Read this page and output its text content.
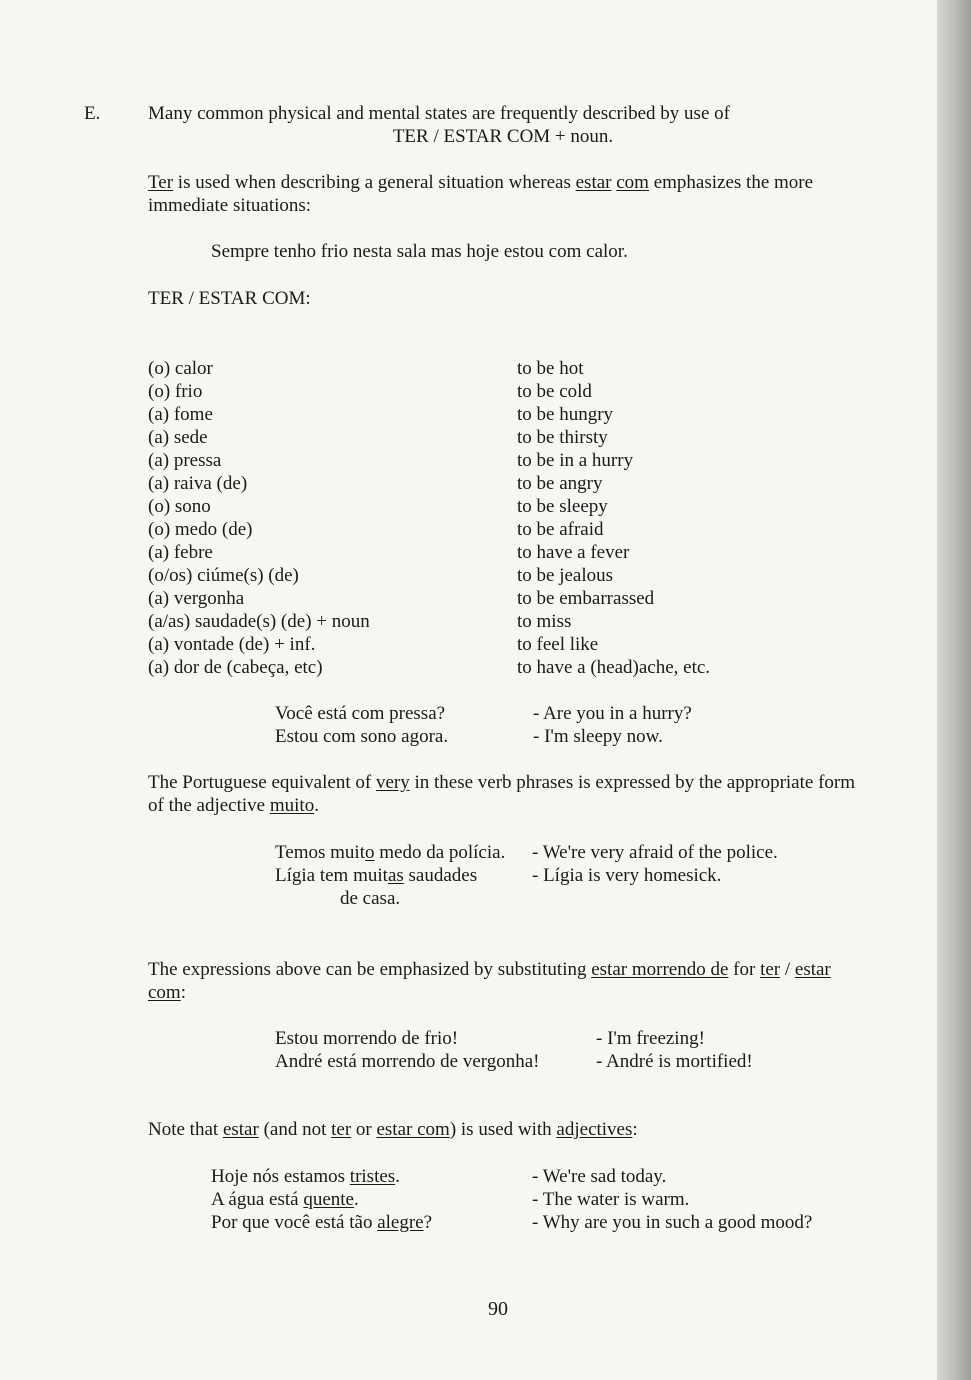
E.	Many common physical and mental states are frequently described by use of
TER / ESTAR COM + noun.
Ter is used when describing a general situation whereas estar com emphasizes the more
immediate situations:
Sempre tenho frio nesta sala mas hoje estou com calor.
TER / ESTAR COM:
(o) calor	to be hot
(o) frio	to be cold
(a) fome	to be hungry
(a) sede	to be thirsty
(a) pressa	to be in a hurry
(a) raiva (de)	to be angry
(o) sono	to be sleepy
(o) medo (de)	to be afraid
(a) febre	to have a fever
(o/os) ciúme(s) (de)	to be jealous
(a) vergonha	to be embarrassed
(a/as) saudade(s) (de) + noun	to miss
(a) vontade (de) + inf.	to feel like
(a) dor de (cabeça, etc)	to have a (head)ache, etc.
Você está com pressa?	- Are you in a hurry?
Estou com sono agora.	- I'm sleepy now.
The Portuguese equivalent of very in these verb phrases is expressed by the appropriate form
of the adjective muito.
Temos muito medo da polícia. - We're very afraid of the police.
Lígia tem muitas saudades	- Lígia is very homesick.
de casa.
The expressions above can be emphasized by substituting estar morrendo de for ter / estar
com:
Estou morrendo de frio!	- I'm freezing!
André está morrendo de vergonha!	- André is mortified!
Note that estar (and not ter or estar com) is used with adjectives:
Hoje nós estamos tristes.	- We're sad today.
A água está quente.	- The water is warm.
Por que você está tão alegre?	- Why are you in such a good mood?
90
